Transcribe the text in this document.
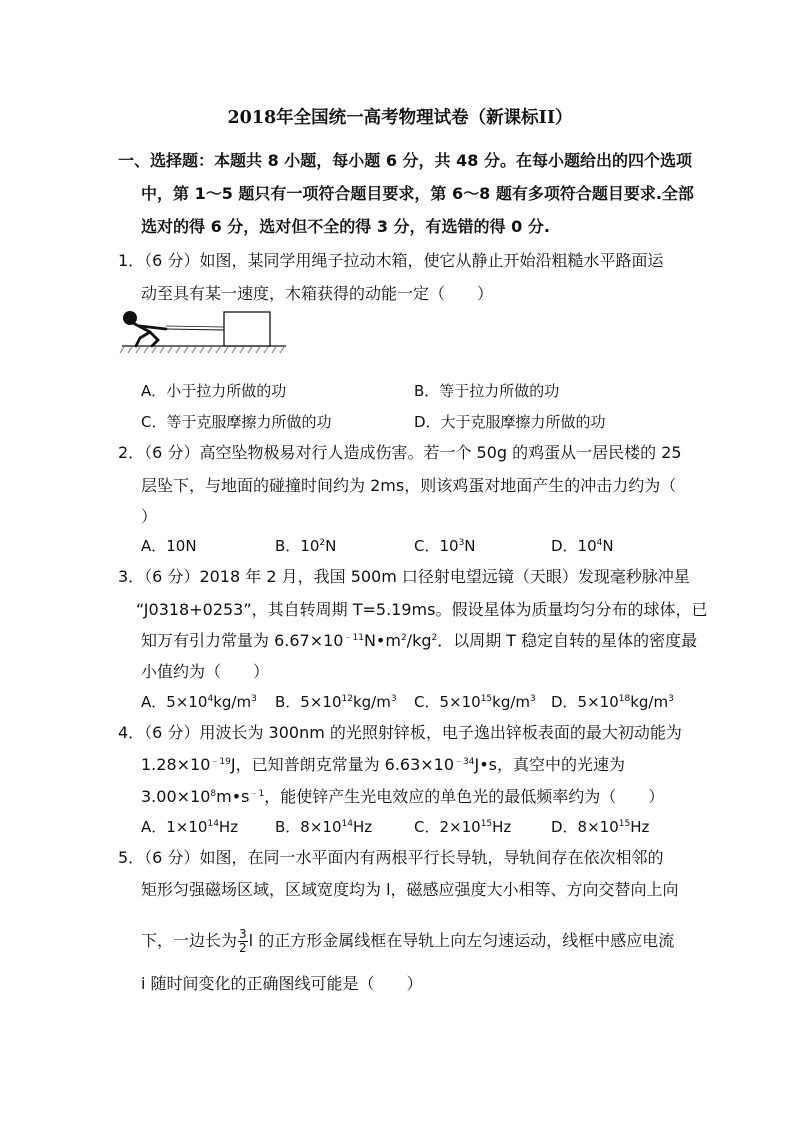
2018年全国统一高考物理试卷（新课标II）
一、选择题：本题共 8 小题，每小题 6 分，共 48 分。在每小题给出的四个选项
中，第 1～5 题只有一项符合题目要求，第 6～8 题有多项符合题目要求.全部
选对的得 6 分，选对但不全的得 3 分，有选错的得 0 分.
1．（6 分）如图，某同学用绳子拉动木箱，使它从静止开始沿粗糙水平路面运
动至具有某一速度，木箱获得的动能一定（　　）
A．小于拉力所做的功	B．等于拉力所做的功
C．等于克服摩擦力所做的功	D．大于克服摩擦力所做的功
2．（6 分）高空坠物极易对行人造成伤害。若一个 50g 的鸡蛋从一居民楼的 25
层坠下，与地面的碰撞时间约为 2ms，则该鸡蛋对地面产生的冲击力约为（
）
A．10N	B．$10^2N$	C．$10^3N$	D．$10^4N$
3．（6 分）2018 年 2 月，我国 500m 口径射电望远镜（天眼）发现毫秒脉冲星
“J0318+0253”，其自转周期 T=5.19ms。假设星体为质量均匀分布的球体，已
知万有引力常量为 $6.67\times 10^{﹣11}N•m^2/kg^2$．以周期 T 稳定自转的星体的密度最
小值约为（　　）
A．$5\times 10^4kg/m^3$ B．$5\times 10^{12}kg/m^3$ C．$5\times 10^{15}kg/m^3$ D．$5\times 10^{18}kg/m^3$
4．（6 分）用波长为 300nm 的光照射锌板，电子逸出锌板表面的最大初动能为
$1.28\times 10^{﹣19}J$，已知普朗克常量为 $6.63\times 10^{﹣34}J•s$，真空中的光速为
$3.00\times 10^8m•s^{﹣1}$，能使锌产生光电效应的单色光的最低频率约为（　　）
A．$1\times 10^{14}Hz$ B．$8\times 10^{14}Hz$	C．$2\times 10^{15}Hz$	D．$8\times 10^{15}Hz$
5．（6 分）如图，在同一水平面内有两根平行长导轨，导轨间存在依次相邻的
矩形匀强磁场区域，区域宽度均为 l，磁感应强度大小相等、方向交替向上向
下，一边长为 $\frac{3}{2}$ l 的正方形金属线框在导轨上向左匀速运动，线框中感应电流
i 随时间变化的正确图线可能是（　　）
